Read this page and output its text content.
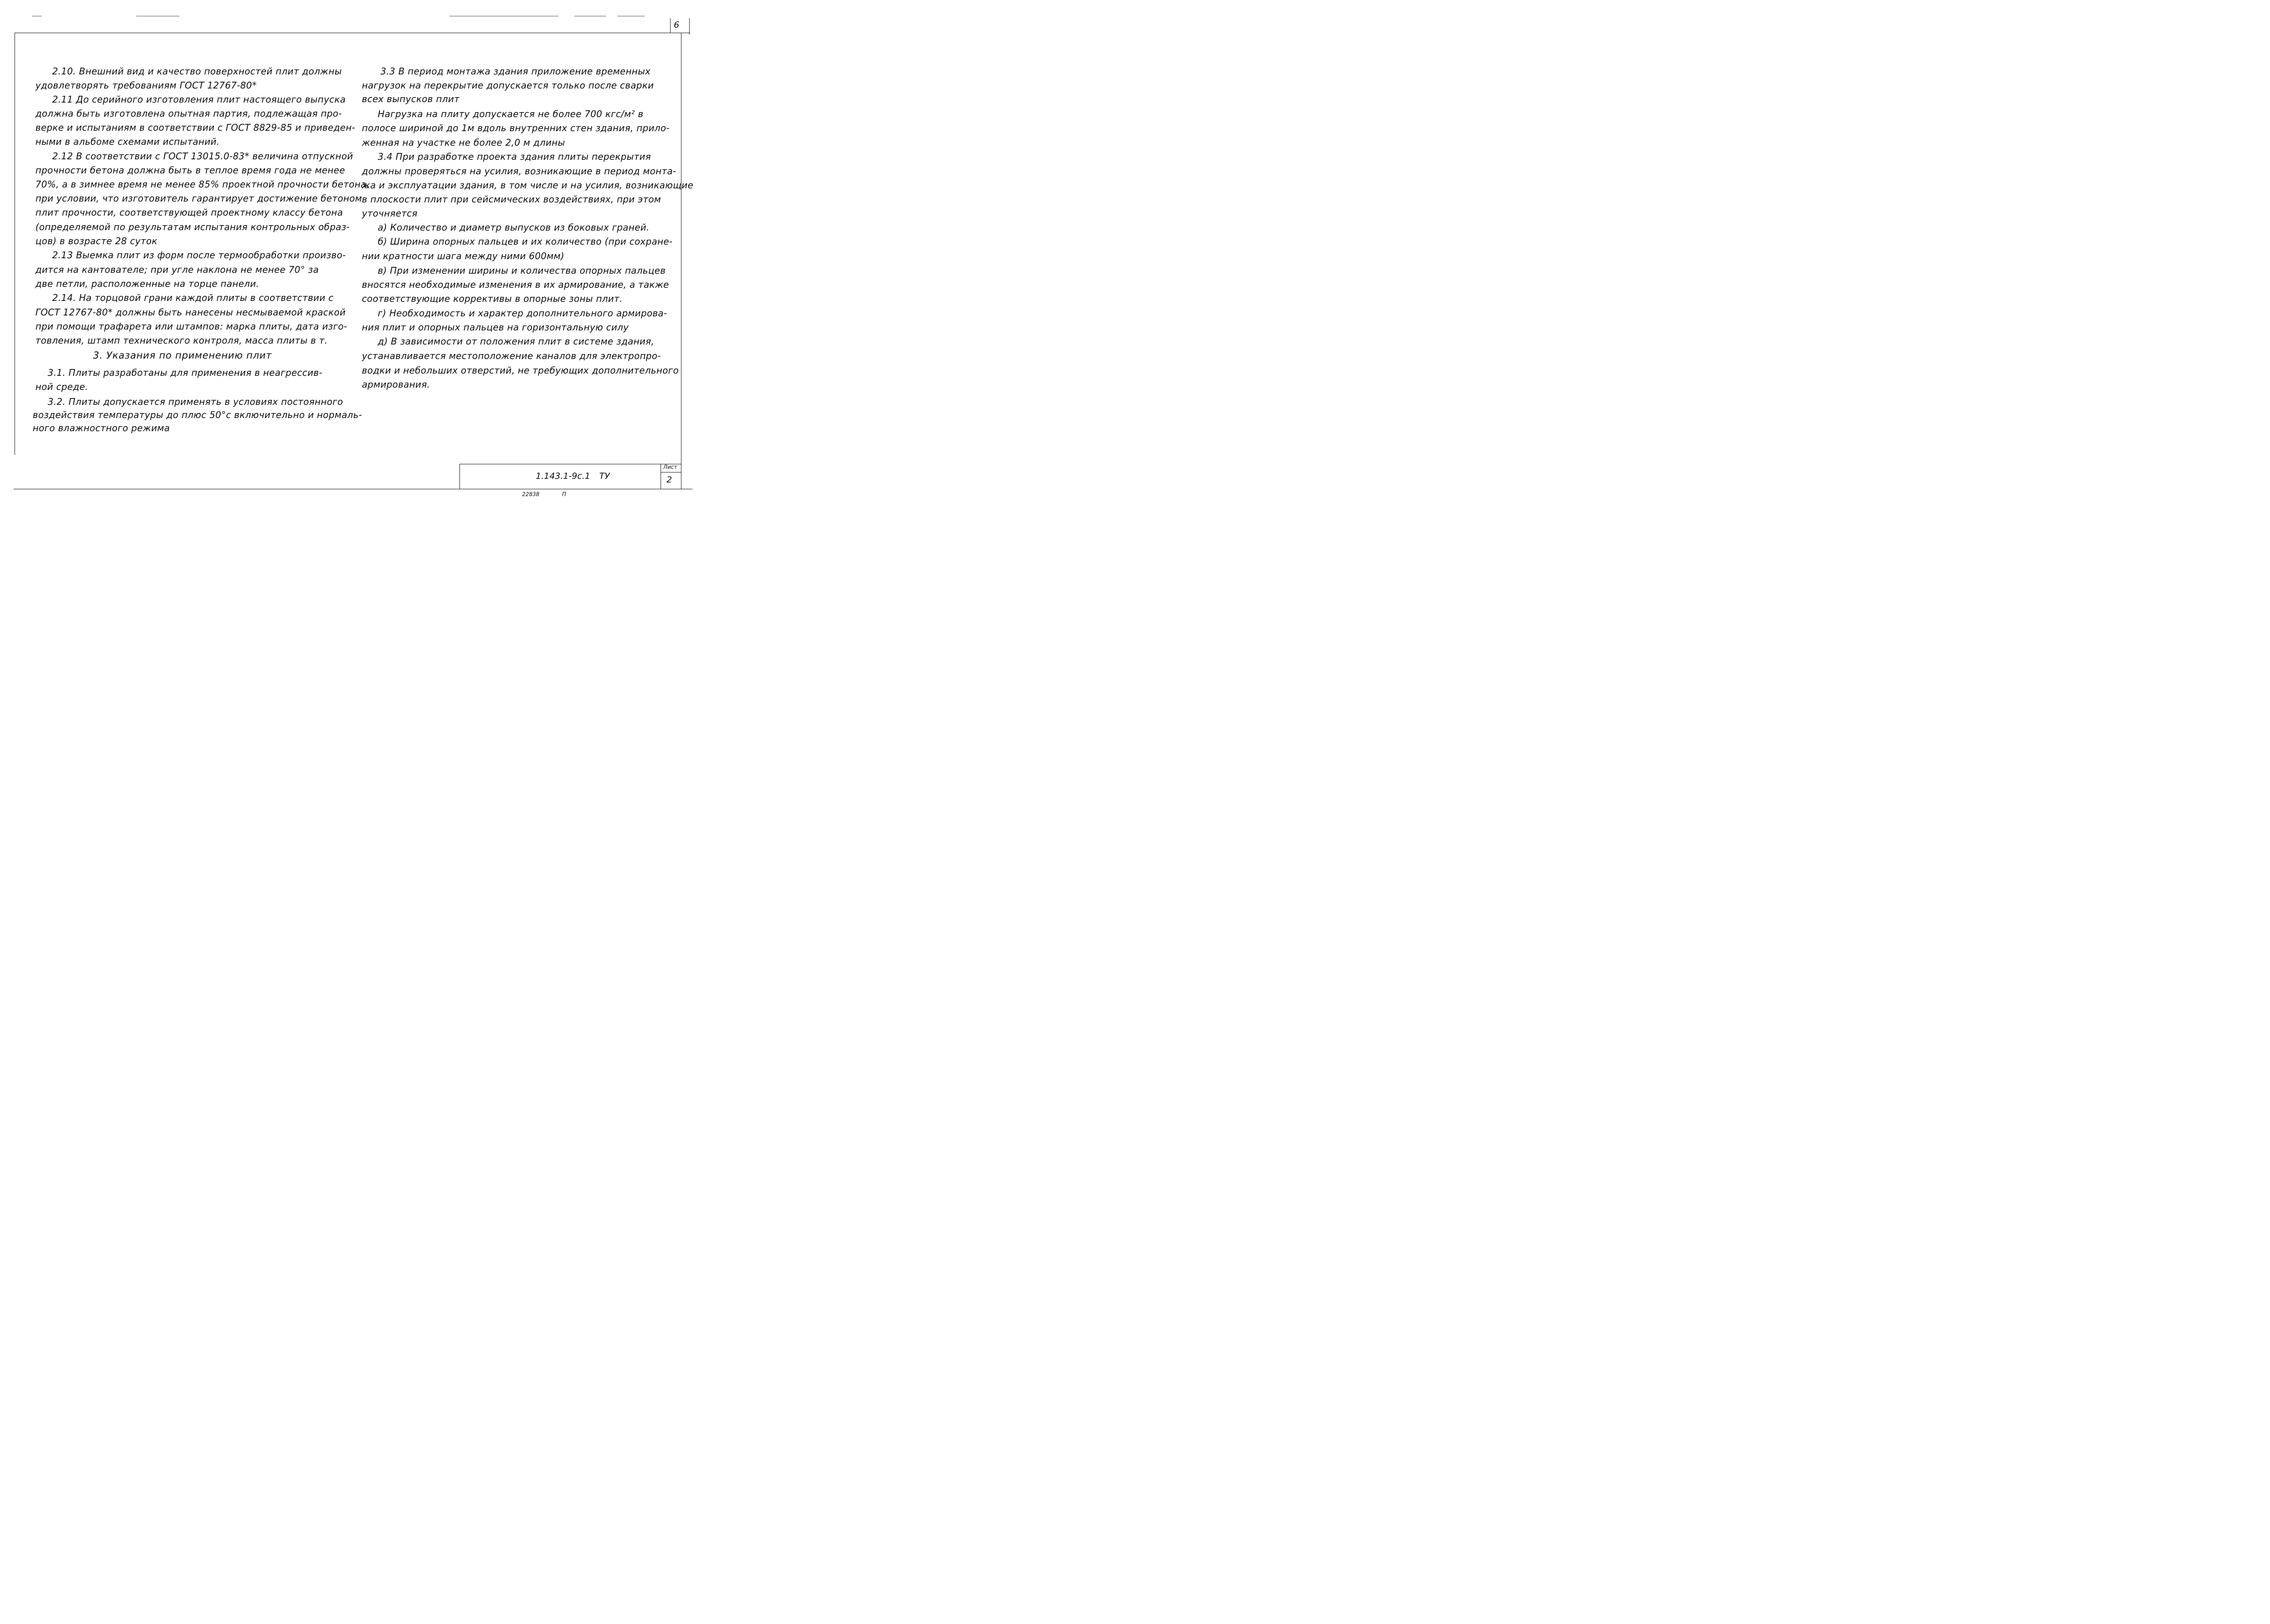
6
2.10. Внешний вид и качество поверхностей плит должны
удовлетворять требованиям ГОСТ 12767-80*
2.11 До серийного изготовления плит настоящего выпуска
должна быть изготовлена опытная партия, подлежащая про-
верке и испытаниям в соответствии с ГОСТ 8829-85 и приведен-
ными в альбоме схемами испытаний.
2.12 В соответствии с ГОСТ 13015.0-83* величина отпускной
прочности бетона должна быть в теплое время года не менее
70%, а в зимнее время не менее 85% проектной прочности бетона,
при условии, что изготовитель гарантирует достижение бетоном
плит прочности, соответствующей проектному классу бетона
(определяемой по результатам испытания контрольных образ-
цов) в возрасте 28 суток
2.13 Выемка плит из форм после термообработки произво-
дится на кантователе; при угле наклона не менее 70° за
две петли, расположенные на торце панели.
2.14. На торцовой грани каждой плиты в соответствии с
ГОСТ 12767-80* должны быть нанесены несмываемой краской
при помощи трафарета или штампов: марка плиты, дата изго-
товления, штамп технического контроля, масса плиты в т.
3. Указания по применению плит
3.1. Плиты разработаны для применения в неагрессив-
ной среде.
3.2. Плиты допускается применять в условиях постоянного
воздействия температуры до плюс 50°с включительно и нормаль-
ного влажностного режима
3.3 В период монтажа здания приложение временных
нагрузок на перекрытие допускается только после сварки
всех выпусков плит
Нагрузка на плиту допускается не более 700 кгс/м² в
полосе шириной до 1м вдоль внутренних стен здания, прило-
женная на участке не более 2,0 м длины
3.4 При разработке проекта здания плиты перекрытия
должны проверяться на усилия, возникающие в период монта-
жа и эксплуатации здания, в том числе и на усилия, возникающие
в плоскости плит при сейсмических воздействиях, при этом
уточняется
а) Количество и диаметр выпусков из боковых граней.
б) Ширина опорных пальцев и их количество (при сохране-
нии кратности шага между ними 600мм)
в) При изменении ширины и количества опорных пальцев
вносятся необходимые изменения в их армирование, а также
соответствующие коррективы в опорные зоны плит.
г) Необходимость и характер дополнительного армирова-
ния плит и опорных пальцев на горизонтальную силу
д) В зависимости от положения плит в системе здания,
устанавливается местоположение каналов для электропро-
водки и небольших отверстий, не требующих дополнительного
армирования.
1.143.1-9с.1 ТУ
Лист
2
22838	П
